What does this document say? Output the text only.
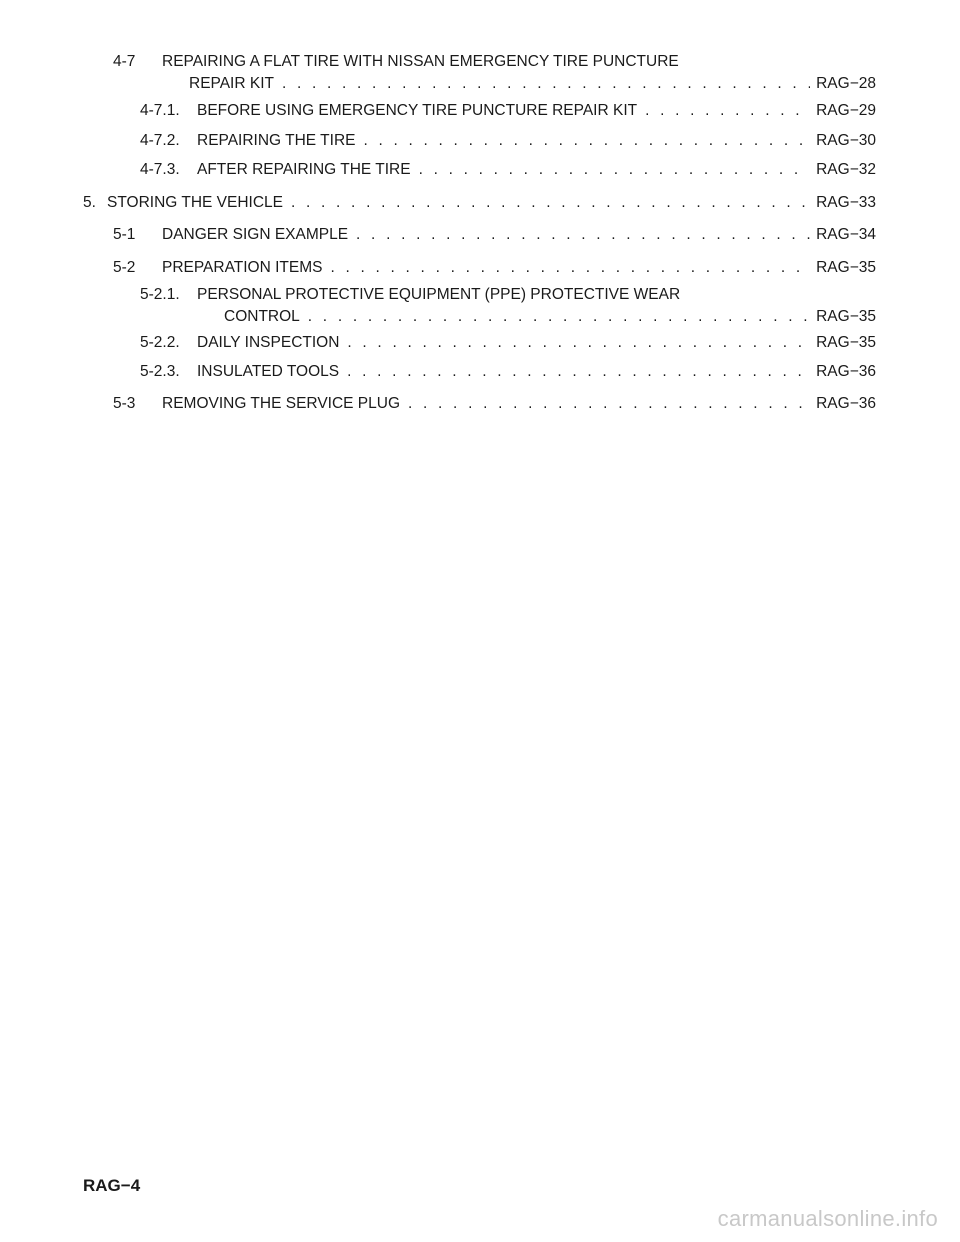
4-7 REPAIRING A FLAT TIRE WITH NISSAN EMERGENCY TIRE PUNCTURE
REPAIR KIT . . .	RAG−28
4-7.1. BEFORE USING EMERGENCY TIRE PUNCTURE REPAIR KIT . . .	RAG−29
4-7.2. REPAIRING THE TIRE . . .	RAG−30
4-7.3. AFTER REPAIRING THE TIRE . . .	RAG−32
5. STORING THE VEHICLE . . .	RAG−33
5-1 DANGER SIGN EXAMPLE . . .	RAG−34
5-2 PREPARATION ITEMS . . .	RAG−35
5-2.1. PERSONAL PROTECTIVE EQUIPMENT (PPE) PROTECTIVE WEAR
CONTROL . . .	RAG−35
5-2.2. DAILY INSPECTION . . .	RAG−35
5-2.3. INSULATED TOOLS . . .	RAG−36
5-3 REMOVING THE SERVICE PLUG . . .	RAG−36
RAG−4
carmanualsonline.info
